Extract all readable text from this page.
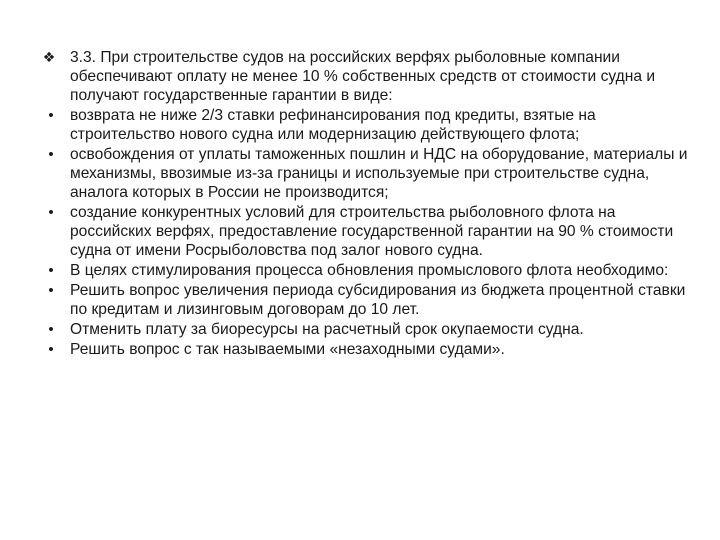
❖ 3.3. При строительстве судов на российских верфях рыболовные компании обеспечивают оплату не менее 10 % собственных средств от стоимости судна и получают государственные гарантии в виде:
• возврата не ниже 2/3 ставки рефинансирования под кредиты, взятые на строительство нового судна или модернизацию действующего флота;
• освобождения от уплаты таможенных пошлин и НДС на оборудование, материалы и механизмы, ввозимые из-за границы и используемые при строительстве судна, аналога которых в России не производится;
• создание конкурентных условий для строительства рыболовного флота на российских верфях, предоставление государственной гарантии на 90 % стоимости судна от имени Росрыболовства под залог нового судна.
• В целях стимулирования процесса обновления промыслового флота необходимо:
• Решить вопрос увеличения периода субсидирования из бюджета процентной ставки по кредитам и лизинговым договорам до 10 лет.
• Отменить плату за биоресурсы на расчетный срок окупаемости судна.
• Решить вопрос с так называемыми «незаходными судами».
